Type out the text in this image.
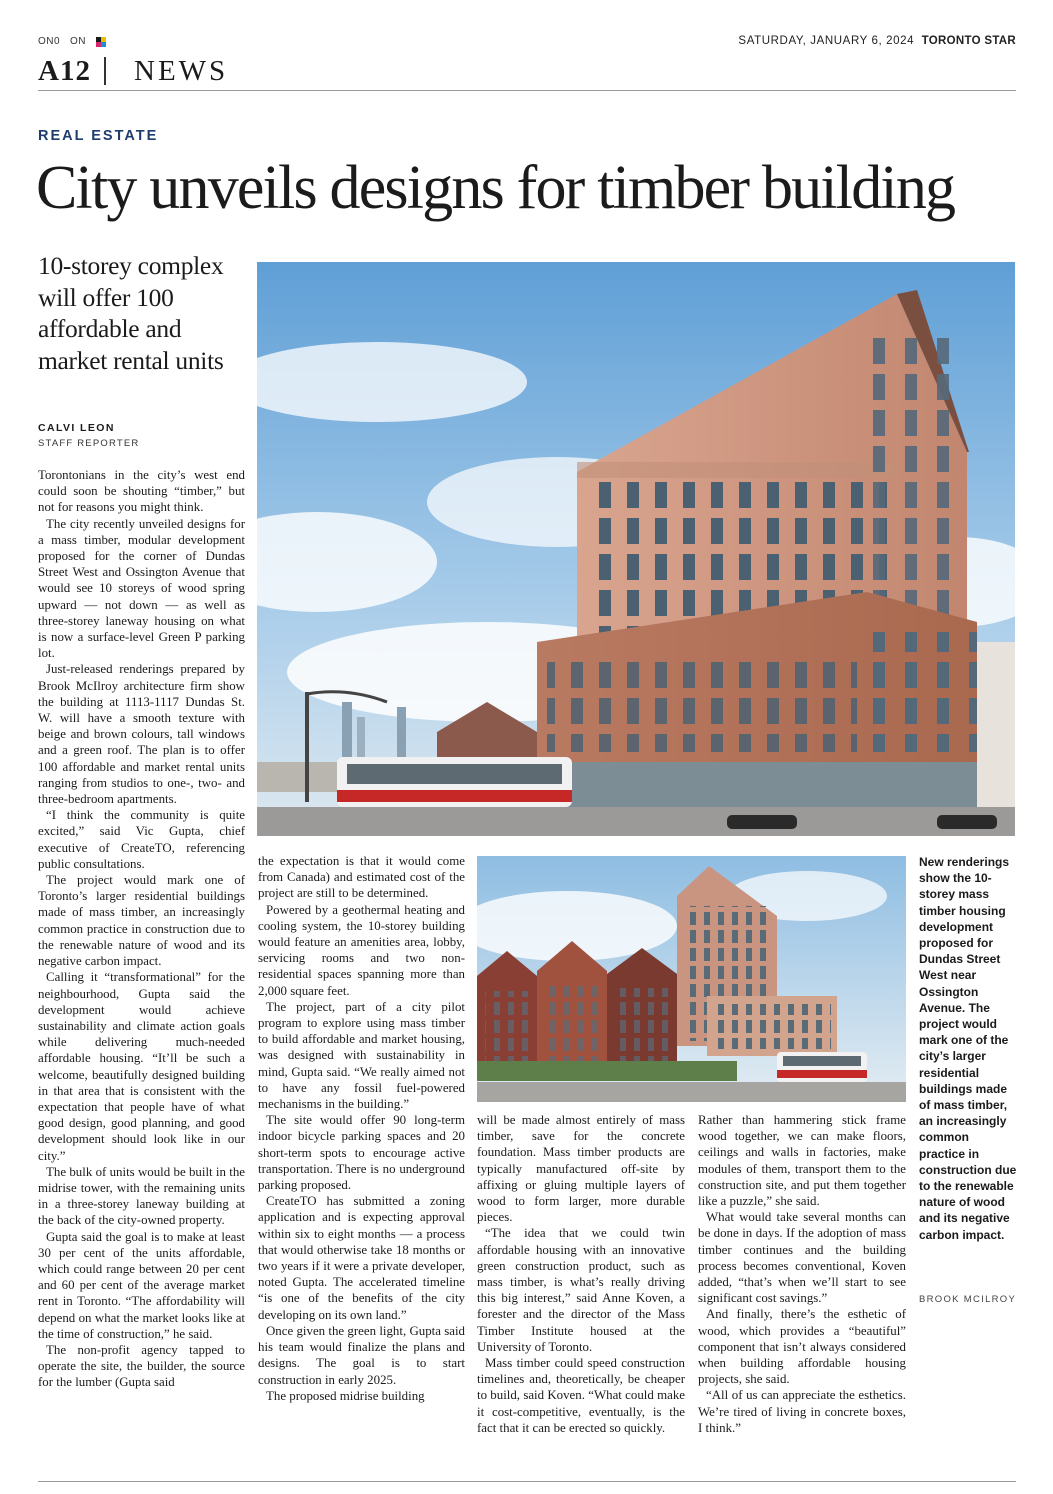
ON0 ON	SATURDAY, JANUARY 6, 2024 TORONTO STAR
A12 NEWS
REAL ESTATE
City unveils designs for timber building
10-storey complex will offer 100 affordable and market rental units
CALVI LEON
STAFF REPORTER
New renderings show the 10-storey mass timber housing development proposed for Dundas Street West near Ossington Avenue. The project would mark one of the city’s larger residential buildings made of mass timber, an increasingly common practice in construction due to the renewable nature of wood and its negative carbon impact.
BROOK MCILROY

Torontonians in the city’s west end could soon be shouting “timber,” but not for reasons you might think.

The city recently unveiled designs for a mass timber, modular development proposed for the corner of Dundas Street West and Ossington Avenue that would see 10 storeys of wood spring upward — not down — as well as three-storey laneway housing on what is now a surface-level Green P parking lot.

Just-released renderings prepared by Brook McIlroy architecture firm show the building at 1113-1117 Dundas St. W. will have a smooth texture with beige and brown colours, tall windows and a green roof. The plan is to offer 100 affordable and market rental units ranging from studios to one-, two- and three-bedroom apartments.

“I think the community is quite excited,” said Vic Gupta, chief executive of CreateTO, referencing public consultations.

The project would mark one of Toronto’s larger residential buildings made of mass timber, an increasingly common practice in construction due to the renewable nature of wood and its negative carbon impact.

Calling it “transformational” for the neighbourhood, Gupta said the development would achieve sustainability and climate action goals while delivering much-needed affordable housing. “It’ll be such a welcome, beautifully designed building in that area that is consistent with the expectation that people have of what good design, good planning, and good development should look like in our city.”

The bulk of units would be built in the midrise tower, with the remaining units in a three-storey laneway building at the back of the city-owned property.

Gupta said the goal is to make at least 30 per cent of the units affordable, which could range between 20 per cent and 60 per cent of the average market rent in Toronto. “The affordability will depend on what the market looks like at the time of construction,” he said.

The non-profit agency tapped to operate the site, the builder, the source for the lumber (Gupta said

the expectation is that it would come from Canada) and estimated cost of the project are still to be determined.

Powered by a geothermal heating and cooling system, the 10-storey building would feature an amenities area, lobby, servicing rooms and two non-residential spaces spanning more than 2,000 square feet.

The project, part of a city pilot program to explore using mass timber to build affordable and market housing, was designed with sustainability in mind, Gupta said. “We really aimed not to have any fossil fuel-powered mechanisms in the building.”

The site would offer 90 long-term indoor bicycle parking spaces and 20 short-term spots to encourage active transportation. There is no underground parking proposed.

CreateTO has submitted a zoning application and is expecting approval within six to eight months — a process that would otherwise take 18 months or two years if it were a private developer, noted Gupta. The accelerated timeline “is one of the benefits of the city developing on its own land.”

Once given the green light, Gupta said his team would finalize the plans and designs. The goal is to start construction in early 2025.

The proposed midrise building

will be made almost entirely of mass timber, save for the concrete foundation. Mass timber products are typically manufactured off-site by affixing or gluing multiple layers of wood to form larger, more durable pieces.

“The idea that we could twin affordable housing with an innovative green construction product, such as mass timber, is what’s really driving this big interest,” said Anne Koven, a forester and the director of the Mass Timber Institute housed at the University of Toronto.

Mass timber could speed construction timelines and, theoretically, be cheaper to build, said Koven. “What could make it cost-competitive, eventually, is the fact that it can be erected so quickly.

Rather than hammering stick frame wood together, we can make floors, ceilings and walls in factories, make modules of them, transport them to the construction site, and put them together like a puzzle,” she said.

What would take several months can be done in days. If the adoption of mass timber continues and the building process becomes conventional, Koven added, “that’s when we’ll start to see significant cost savings.”

And finally, there’s the esthetic of wood, which provides a “beautiful” component that isn’t always considered when building affordable housing projects, she said.

“All of us can appreciate the esthetics. We’re tired of living in concrete boxes, I think.”
